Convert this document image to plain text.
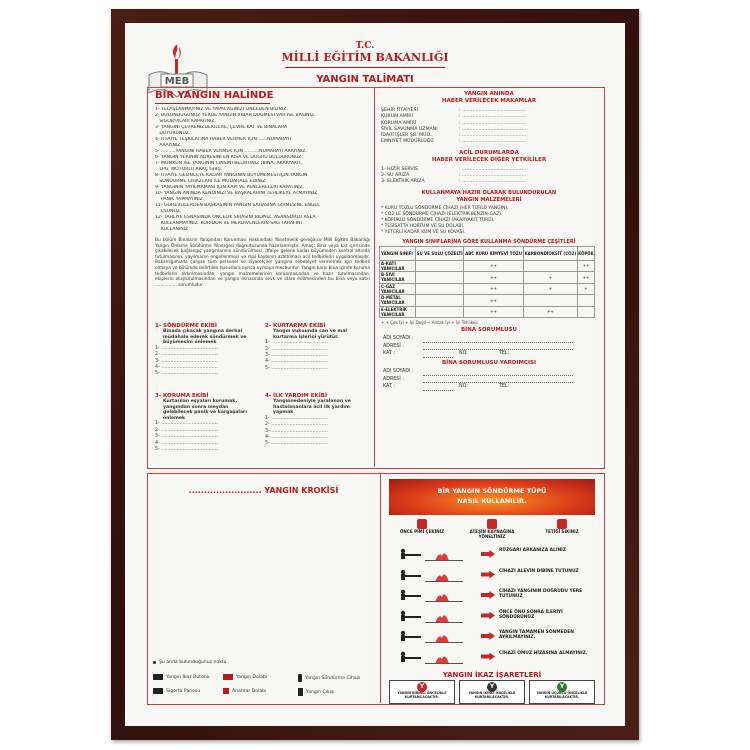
MEB
T.C.
MİLLİ EĞİTİM BAKANLIĞI
YANGIN TALİMATI
BİR YANGIN HALİNDE
1- TELAŞLANMAYINIZ VE YAPACAĞINIZI ÖNCEDEN BİLİNİZ.
2- BULUNDUĞUNUZ YERDE YANGIN İHBAR DÜĞMESİ VAR İSE BASINIZ.
SİGORTALARI KAPATINIZ.
3- YANGINI ÇEVRENİZDEKİLERE, ÇEVRE KAT VE BİNALARA
DUYURUNUZ.
4- İTFAİYE TEŞKİLATINA HABER VERMEK İÇİN ......NUMARAYI
ARAYINIZ.
5- ..........YANGINI HABER VERMEK İÇİN ..........NUMARAYI ARAYINIZ.
6- YANGIN YERİNİN ADRESİNİ EN KISA VE DOĞRU BULDURUNUZ.
7- MÜMKÜN İSE YANGININ CİNSİNİ BELİRTİNİZ (BİNA, AKARYAKIT,
LPG, MOTORLU ARAÇ GİBİ).
8- İTFAİYE GELİNCEYE KADAR YANGININ BÜYÜMEMESİ İÇİN YANGIN
SÖNDÜRME CİHAZLARI İLE MÜDAHALE EDİNİZ.
9- YANGININ YAYILMAMASI İÇİN KAPI VE PENCERELERİ KAPATINIZ.
10- YANGIN ANINDA KENDİNİZİ VE BAŞKALARINI TEHLİKEYE ATMAYINIZ
PANİK YAPMAYINIZ.
11- GÖREVLİLERDEN BAŞKASININ YANGIN SAHASINA GİRMESİNE ENGEL
OLUNUZ.
12- TAHLİYE ESNASINDA ÖNCELİK SIRASINI BİLİNİZ. ASANSÖRLÜ ASLA
KULLANMAYINIZ. KORİDOR VE MERDİVENLERİN SAĞ TARAFINI
KULLANINIZ.
Bu bölüm Binaların Yangından Korunması Hakkındaki Yönetmelik gereğince Millî Eğitim Bakanlığı Yangın Önleme Söndürme Yönergesi doğrultusunda hazırlanmıştır. Amaç: Bina veya kat içerisinde çıkabilecek bağlangıç yangınlarının söndürülmesi, itfaiye gelene kadar büyümeden kontrol altında tutulmasının, yayılmanın engellenmesi ve mal kaybının azaltılması acil tedbirlerin uygulanmasıdır. Bakanlığımızda çalışan tüm personel ve ziyaretçiler yangına sebebiyet vermemek için tedbirli olmaya ve bölümde belirtilen hususlara ayrıca uymaya mecburdur. Yangın karşı bina içinde koruma tedbirlerin aldırılmasından, yangın malzemelerinin korunmasından ve hazır tutulmasından, ekiplerin oluşturulmasından ve yangın esnasında sevk ve idare edilmesinden bu bina veya katın ................ sorumludur.
1- SÖNDÜRME EKİBİ
Binada çıkacak yangına derhal müdahale ederek söndürmek ve büyümesini önlemek
1- .....................................
2- .....................................
3- .....................................
4- .....................................
5- .....................................
2- KURTARMA EKİBİ
Yangın vukuunda can ve mal kurtarma işlerini yürütür.
1- .....................................
2- .....................................
3- .....................................
4- .....................................
5- .....................................
3- KORUMA EKİBİ
Kurtarılan eşyaları korumak, yangından sonra meydan gelebilecek panik ve kargaşaları önlemek
1- .....................................
2- .....................................
3- .....................................
4- .....................................
5- .....................................
4- İLK YARDIM EKİBİ
Yangınnedeniyle yaralanan ve hastalananlara acil ilk yardım yapmak
1- .....................................
2- .....................................
3- .....................................
4- .....................................
5- .....................................
YANGIN ANINDA
HABER VERİLECEK MAKAMLAR
ŞEHİR İTFAİYESİ	: ...........................................
KURUM AMİRİ	: ...........................................
KORUMA AMİRİ	: ...........................................
SİVİL SAVUNMA UZMANI	: ...........................................
İDARİ İŞLER ŞB. MÜD.	: ...........................................
EMNİYET MÜDÜRLÜĞÜ	: ...........................................
ACİL DURUMLARDA
HABER VERİLECEK DİĞER YETKİLİLER
1- HIZIR SERVİS	: ...........................................
2- SU ARIZA	: ...........................................
3- ELEKTRİK ARIZA	: ...........................................
KULLANMAYA HAZIR OLARAK BULUNDURULAN
YANGIN MALZEMELERİ
* KURU TOZLU SÖNDÜRME CİHAZI (HER TÜRLÜ YANGIN).
* CO2 LE SÖNDÜRME CİHAZI (ELEKTRİK-BENZİN-GAZ).
* KÖPÜKLÜ SÖNDÜRME CİHAZI (AKARYAKIT TÜRÜ).
* TESİSATTA HORTUM VE SU DOLABI.
* YETERLİ KADAR KUM VE SU KOVASI.
YANGIN SINIFLARINA GÖRE KULLANMA SÖNDÜRME ÇEŞİTLERİ
YANGIN SINIFI	SU VE SULU ÇÖZELTİ	ABC KURU KİMYEVİ TOZU	KARBONDİOKSİT (CO2)	KÖPÜK
A-KATI YANICILAR		++		++
B-SIVI YANICILAR		++	+	++
C-GAZ YANICILAR		++	+	+
D-METAL YANICILAR		++		
E-ELEKTRİK YANICILAR		++	++	
+ + Çok İyi + İyi Değil ~ Ancak İyi + İyi Tehlikeli
BİNA SORUMLUSU
ADI SOYADI :
ADRESİ :
KAT :	NO:	TEL:
BİNA SORUMLUSU YARDIMCISI
ADI SOYADI :
ADRESİ :
KAT :	NO:	TEL:
........................ YANGIN KROKİSİ
Şu anda bulunduğunuz nokta
Yangın İkaz Butonu	Yangın Dolabı	Yangın Söndürme Cihazı
Sigorta Panosu	Anahtar Dolabı	Yangın Çıkışı
BİR YANGIN SÖNDÜRME TÜPÜ
NASIL KULLANILIR.
ÖNCE PİMİ ÇEKİNİZ	ATEŞİN KAYNAĞINA YÖNELTİNİZ
TETİĞİ SIKINIZ
RÜZGARI ARKANIZA ALINIZ
CİHAZI ALEVİN DİBİNE TUTUNUZ
CİHAZI YANGININ DOĞRUDU YERE TUTUNUZ
ÖNCE ÖNÜ SONRA İLERİYİ SÖNDÜRÜNÜZ
YANGIN TAMAMEN SÖNMEDEN AYRILMAYINIZ.
CİHAZI OMUZ HİZASINA ALMAYINIZ.
YANGIN İKAZ İŞARETLERİ
Y
YANGIN BİRİNCİ ÖNCELİKLE KURTARILACAKTIR.
Y
YANGIN İKİNCİ ÖNCELİKLE KURTARILACAKTIR.
Y
YANGIN ÜÇÜNCÜ ÖNCELİKLE KURTARILACAKTIR.
